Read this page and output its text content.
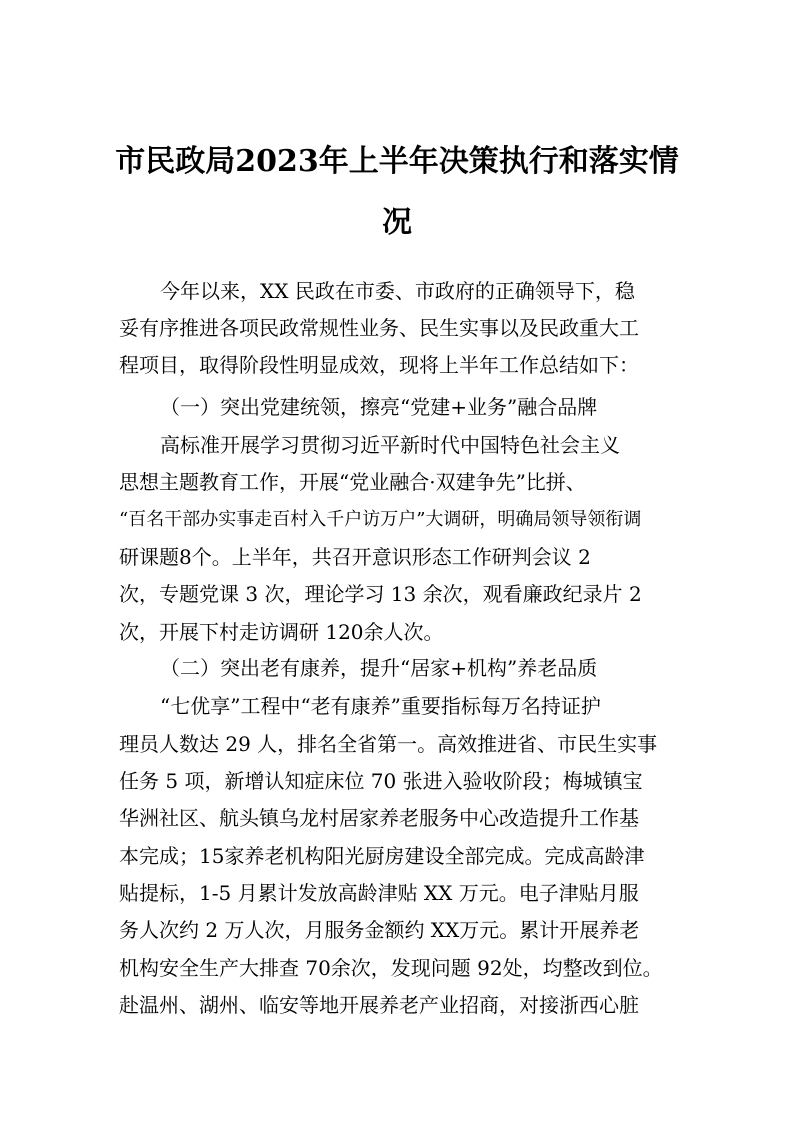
市民政局2023年上半年决策执行和落实情
况
今年以来，XX 民政在市委、市政府的正确领导下，稳
妥有序推进各项民政常规性业务、民生实事以及民政重大工
程项目，取得阶段性明显成效，现将上半年工作总结如下：
（一）突出党建统领，擦亮“党建+业务”融合品牌
高标准开展学习贯彻习近平新时代中国特色社会主义
思想主题教育工作，开展“党业融合·双建争先”比拼、
“百名干部办实事走百村入千户访万户”大调研，明确局领导领衔调
研课题8个。上半年，共召开意识形态工作研判会议 2
次，专题党课 3 次，理论学习 13 余次，观看廉政纪录片 2
次，开展下村走访调研 120余人次。
（二）突出老有康养，提升“居家+机构”养老品质
“七优享”工程中“老有康养”重要指标每万名持证护
理员人数达 29 人，排名全省第一。高效推进省、市民生实事
任务 5 项，新增认知症床位 70 张进入验收阶段；梅城镇宝
华洲社区、航头镇乌龙村居家养老服务中心改造提升工作基
本完成；15家养老机构阳光厨房建设全部完成。完成高龄津
贴提标，1-5 月累计发放高龄津贴 XX 万元。电子津贴月服
务人次约 2 万人次，月服务金额约 XX万元。累计开展养老
机构安全生产大排查 70余次，发现问题 92处，均整改到位。
赴温州、湖州、临安等地开展养老产业招商，对接浙西心脏
